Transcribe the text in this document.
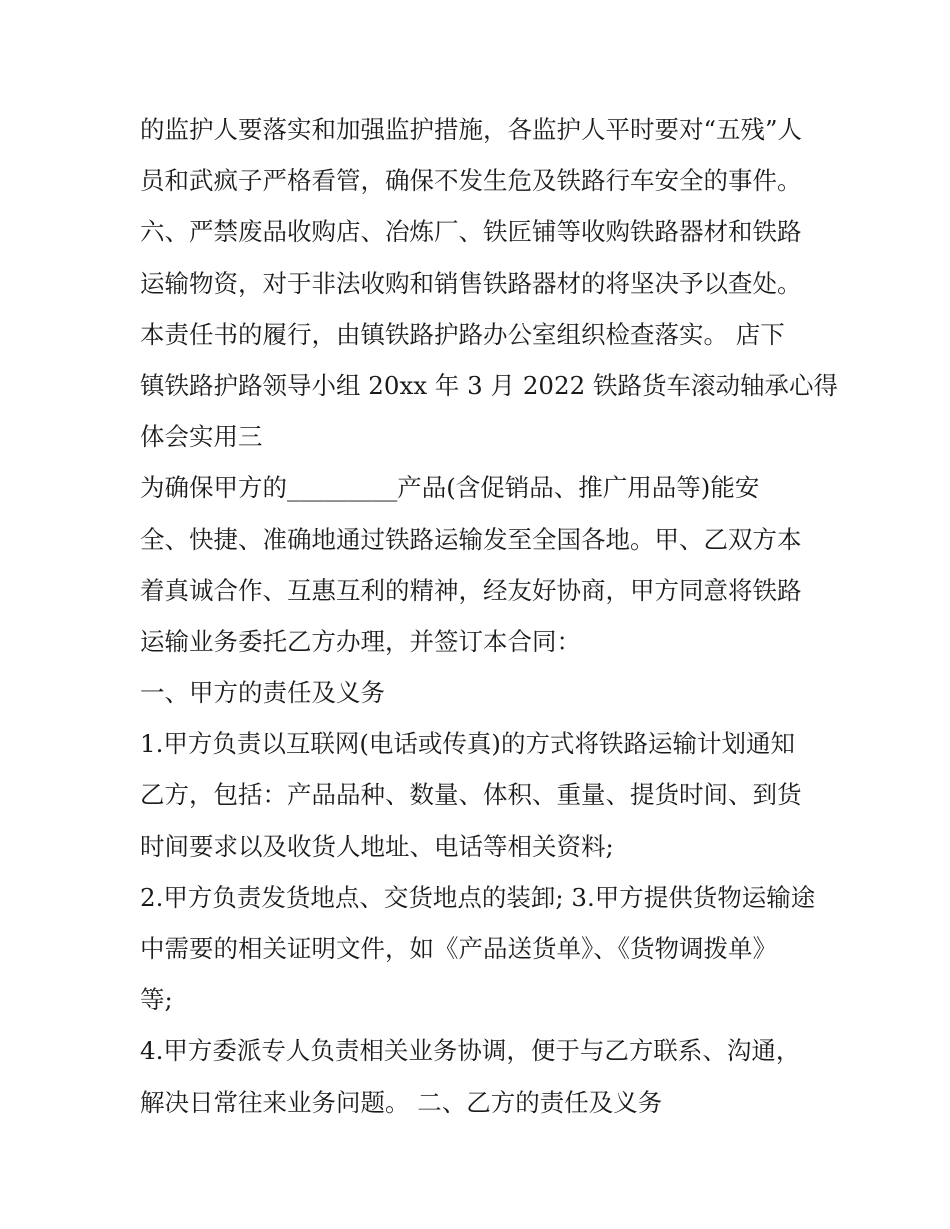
的监护人要落实和加强监护措施，各监护人平时要对“五残”人
员和武疯子严格看管，确保不发生危及铁路行车安全的事件。
六、严禁废品收购店、冶炼厂、铁匠铺等收购铁路器材和铁路
运输物资，对于非法收购和销售铁路器材的将坚决予以查处。
本责任书的履行，由镇铁路护路办公室组织检查落实。 店下
镇铁路护路领导小组 20xx 年 3 月 2022 铁路货车滚动轴承心得
体会实用三
为确保甲方的_________产品(含促销品、推广用品等)能安
全、快捷、准确地通过铁路运输发至全国各地。甲、乙双方本
着真诚合作、互惠互利的精神，经友好协商，甲方同意将铁路
运输业务委托乙方办理，并签订本合同：
一、甲方的责任及义务
1.甲方负责以互联网(电话或传真)的方式将铁路运输计划通知
乙方，包括：产品品种、数量、体积、重量、提货时间、到货
时间要求以及收货人地址、电话等相关资料;
2.甲方负责发货地点、交货地点的装卸; 3.甲方提供货物运输途
中需要的相关证明文件，如《产品送货单》、《货物调拨单》
等;
4.甲方委派专人负责相关业务协调，便于与乙方联系、沟通，
解决日常往来业务问题。 二、乙方的责任及义务
